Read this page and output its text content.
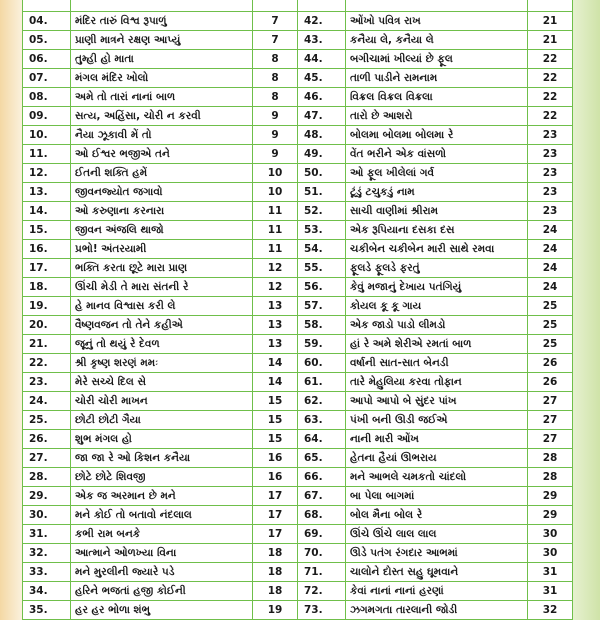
04.	મંદિર તારું વિશ્વ રૂપાળું	7	42.	ઓંખો પવિત્ર રાખ	21
05.	પ્રાણી માત્રને રક્ષણ આપ્યું	7	43.	કનૈયા લે, કનૈયા લે	21
06.	તુમ્હી હો માતા	8	44.	બગીચામાં ખીલ્યાં છે ફૂલ	22
07.	મંગલ મંદિર ખોલો	8	45.	તાળી પાડીને રામનામ	22
08.	અમે તો તારાં નાનાં બાળ	8	46.	વિક્રલ વિક્રલ વિક્રલા	22
09.	સત્ય, અહિંસા, ચોરી ન કરવી	9	47.	તારો છે આશરો	22
10.	નૈયા ઝૂકાવી મેં તો	9	48.	બોલમા બોલમા બોલમા રે	23
11.	ઓ ઈશ્વર ભજીએ તને	9	49.	વેંત ભરીને એક વાંસળો	23
12.	ઈતની શક્તિ હમેં	10	50.	ઓ ફૂલ ખીલેલાં ગર્વ	23
13.	જીવનજ્યોત જગાવો	10	51.	ટૂંડું ટચુકડું નામ	23
14.	ઓ કરુણાના કરનારા	11	52.	સાચી વાણીમાં શ્રીરામ	23
15.	જીવન અંજલિ થાજો	11	53.	એક રૂપિયાના દસકા દસ	24
16.	પ્રભો! અંતરયામી	11	54.	ચકીબેન ચકીબેન મારી સાથે રમવા	24
17.	ભક્તિ કરતા છૂટે મારા પ્રાણ	12	55.	ફૂલડે ફૂલડે ફરતું	24
18.	ઊંચી મેડી તે મારા સંતની રે	12	56.	કેવું મજાનું દેખાય પતંગિયું	24
19.	હે માનવ વિશ્વાસ કરી લે	13	57.	કોયલ કૂ કૂ ગાય	25
20.	વૈષ્ણવજન તો તેને કહીએ	13	58.	એક જાડો પાડો લીમડો	25
21.	જૂનું તો થયું રે દેવળ	13	59.	હાં રે અમે શેરીએ રમતાં બાળ	25
22.	શ્રી કૃષ્ણ શરણં મમઃ	14	60.	વર્ષાની સાત-સાત બેનડી	26
23.	મેરે સચ્ચે દિલ સે	14	61.	તારે મેહુલિયા કરવા તોફાન	26
24.	ચોરી ચોરી માખન	15	62.	આપો આપો બે સુંદર પાંખ	27
25.	છોટી છોટી ગૈયા	15	63.	પંખી બની ઊડી જઈએ	27
26.	શુભ મંગલ હો	15	64.	નાની મારી ઓંખ	27
27.	જા જા રે ઓ કિશન કનૈયા	16	65.	હેતના હૈયાં ઊભરાય	28
28.	છોટે છોટે શિવજી	16	66.	મને આભલે ચમકતો ચાંદલો	28
29.	એક જ અરમાન છે મને	17	67.	બા પેલા બાગમાં	29
30.	મને કોઈ તો બતાવો નંદલાલ	17	68.	બોલ મૈના બોલ રે	29
31.	કભી રામ બનકે	17	69.	ઊંચે ઊંચે લાલ લાલ	30
32.	આત્માને ઓળખ્યા વિના	18	70.	ઊડે પતંગ રંગદાર આભમાં	30
33.	મને મુરલીની જ્યારે પડે	18	71.	ચાલોને દોસ્ત સહુ ઘૂમવાને	31
34.	હરિને ભજતાં હજી કોઈની	18	72.	કેવાં નાનાં નાનાં હરણાં	31
35.	હર હર ભોળા શંભુ	19	73.	ઝગમગતા તારલાની જોડી	32
